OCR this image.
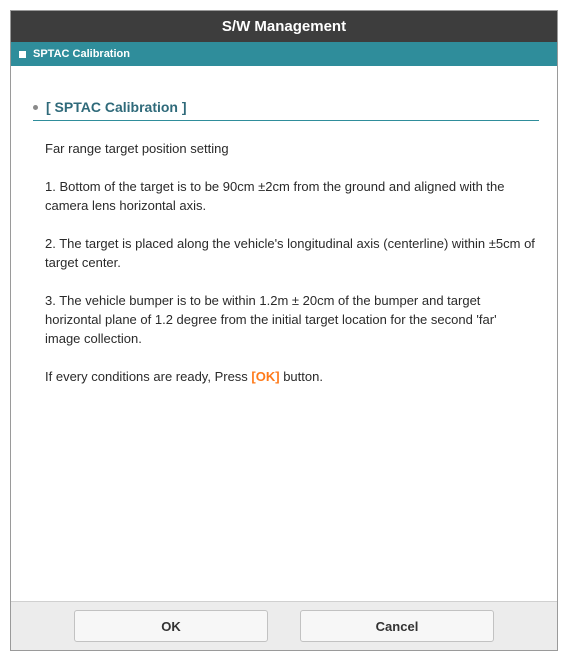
S/W Management
SPTAC Calibration
[ SPTAC Calibration ]

Far range target position setting

1. Bottom of the target is to be 90cm ±2cm from the ground and aligned with the camera lens horizontal axis.

2. The target is placed along the vehicle's longitudinal axis (centerline) within ±5cm of target center.

3. The vehicle bumper is to be within 1.2m ± 20cm of the bumper and target horizontal plane of 1.2 degree from the initial target location for the second 'far' image collection.

If every conditions are ready, Press [OK] button.

OK	Cancel
